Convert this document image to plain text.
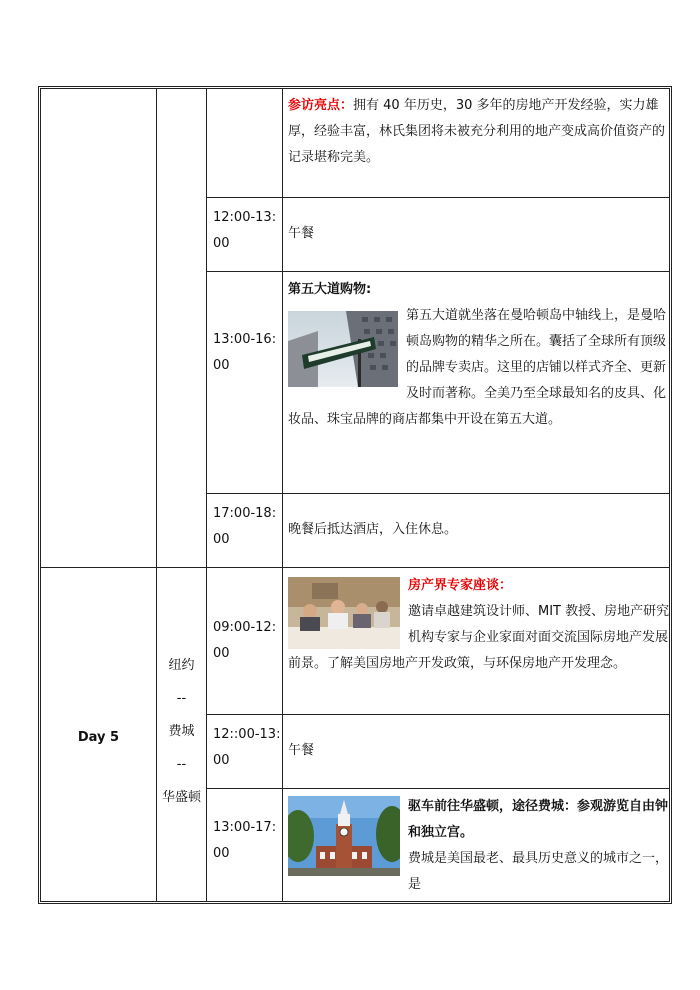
参访亮点：拥有 40 年历史，30 多年的房地产开发经验，实力雄厚，经验丰富，林氏集团将未被充分利用的地产变成高价值资产的记录堪称完美。
12:00-13:00
午餐
13:00-16:00
第五大道购物:
第五大道就坐落在曼哈顿岛中轴线上，是曼哈顿岛购物的精华之所在。囊括了全球所有顶级的品牌专卖店。这里的店铺以样式齐全、更新及时而著称。全美乃至全球最知名的皮具、化妆品、珠宝品牌的商店都集中开设在第五大道。
17:00-18:00
晚餐后抵达酒店，入住休息。
Day 5
纽约
--
费城
--
华盛顿
09:00-12:00
房产界专家座谈：
邀请卓越建筑设计师、MIT 教授、房地产研究机构专家与企业家面对面交流国际房地产发展前景。了解美国房地产开发政策，与环保房地产开发理念。
12::00-13:00
午餐
13:00-17:00
驱车前往华盛顿，途径费城：参观游览自由钟和独立宫。
费城是美国最老、最具历史意义的城市之一，是
